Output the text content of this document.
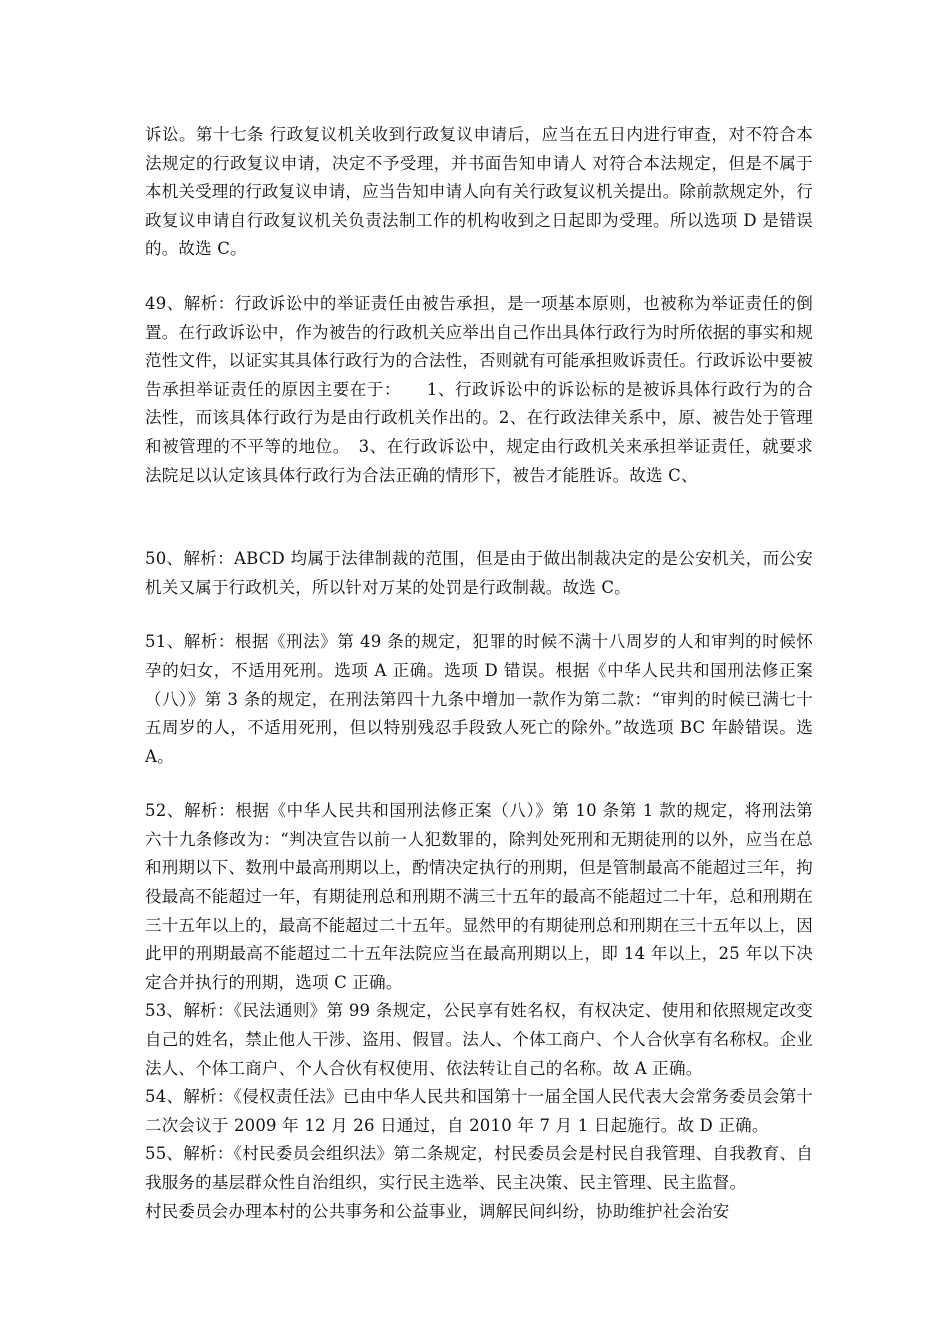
诉讼。第十七条 行政复议机关收到行政复议申请后，应当在五日内进行审查，对不符合本法规定的行政复议申请，决定不予受理，并书面告知申请人 对符合本法规定，但是不属于本机关受理的行政复议申请，应当告知申请人向有关行政复议机关提出。除前款规定外，行政复议申请自行政复议机关负责法制工作的机构收到之日起即为受理。所以选项 D 是错误的。故选 C。

49、解析：行政诉讼中的举证责任由被告承担，是一项基本原则，也被称为举证责任的倒置。在行政诉讼中，作为被告的行政机关应举出自己作出具体行政行为时所依据的事实和规范性文件，以证实其具体行政行为的合法性，否则就有可能承担败诉责任。行政诉讼中要被告承担举证责任的原因主要在于：　　1、行政诉讼中的诉讼标的是被诉具体行政行为的合法性，而该具体行政行为是由行政机关作出的。2、在行政法律关系中，原、被告处于管理和被管理的不平等的地位。　3、在行政诉讼中，规定由行政机关来承担举证责任，就要求法院足以认定该具体行政行为合法正确的情形下，被告才能胜诉。故选 C、

50、解析：ABCD 均属于法律制裁的范围，但是由于做出制裁决定的是公安机关，而公安机关又属于行政机关，所以针对万某的处罚是行政制裁。故选 C。

51、解析：根据《刑法》第 49 条的规定，犯罪的时候不满十八周岁的人和审判的时候怀孕的妇女，不适用死刑。选项 A 正确。选项 D 错误。根据《中华人民共和国刑法修正案（八）》第 3 条的规定，在刑法第四十九条中增加一款作为第二款：“审判的时候已满七十五周岁的人，不适用死刑，但以特别残忍手段致人死亡的除外。”故选项 BC 年龄错误。选 A。

52、解析：根据《中华人民共和国刑法修正案（八）》第 10 条第 1 款的规定，将刑法第六十九条修改为：“判决宣告以前一人犯数罪的，除判处死刑和无期徒刑的以外，应当在总和刑期以下、数刑中最高刑期以上，酌情决定执行的刑期，但是管制最高不能超过三年，拘役最高不能超过一年，有期徒刑总和刑期不满三十五年的最高不能超过二十年，总和刑期在三十五年以上的，最高不能超过二十五年。显然甲的有期徒刑总和刑期在三十五年以上，因此甲的刑期最高不能超过二十五年法院应当在最高刑期以上，即 14 年以上，25 年以下决定合并执行的刑期，选项 C 正确。

53、解析：《民法通则》第 99 条规定，公民享有姓名权，有权决定、使用和依照规定改变自己的姓名，禁止他人干涉、盗用、假冒。法人、个体工商户、个人合伙享有名称权。企业法人、个体工商户、个人合伙有权使用、依法转让自己的名称。故 A 正确。

54、解析：《侵权责任法》已由中华人民共和国第十一届全国人民代表大会常务委员会第十二次会议于 2009 年 12 月 26 日通过，自 2010 年 7 月 1 日起施行。故 D 正确。

55、解析：《村民委员会组织法》第二条规定，村民委员会是村民自我管理、自我教育、自我服务的基层群众性自治组织，实行民主选举、民主决策、民主管理、民主监督。

村民委员会办理本村的公共事务和公益事业，调解民间纠纷，协助维护社会治安
